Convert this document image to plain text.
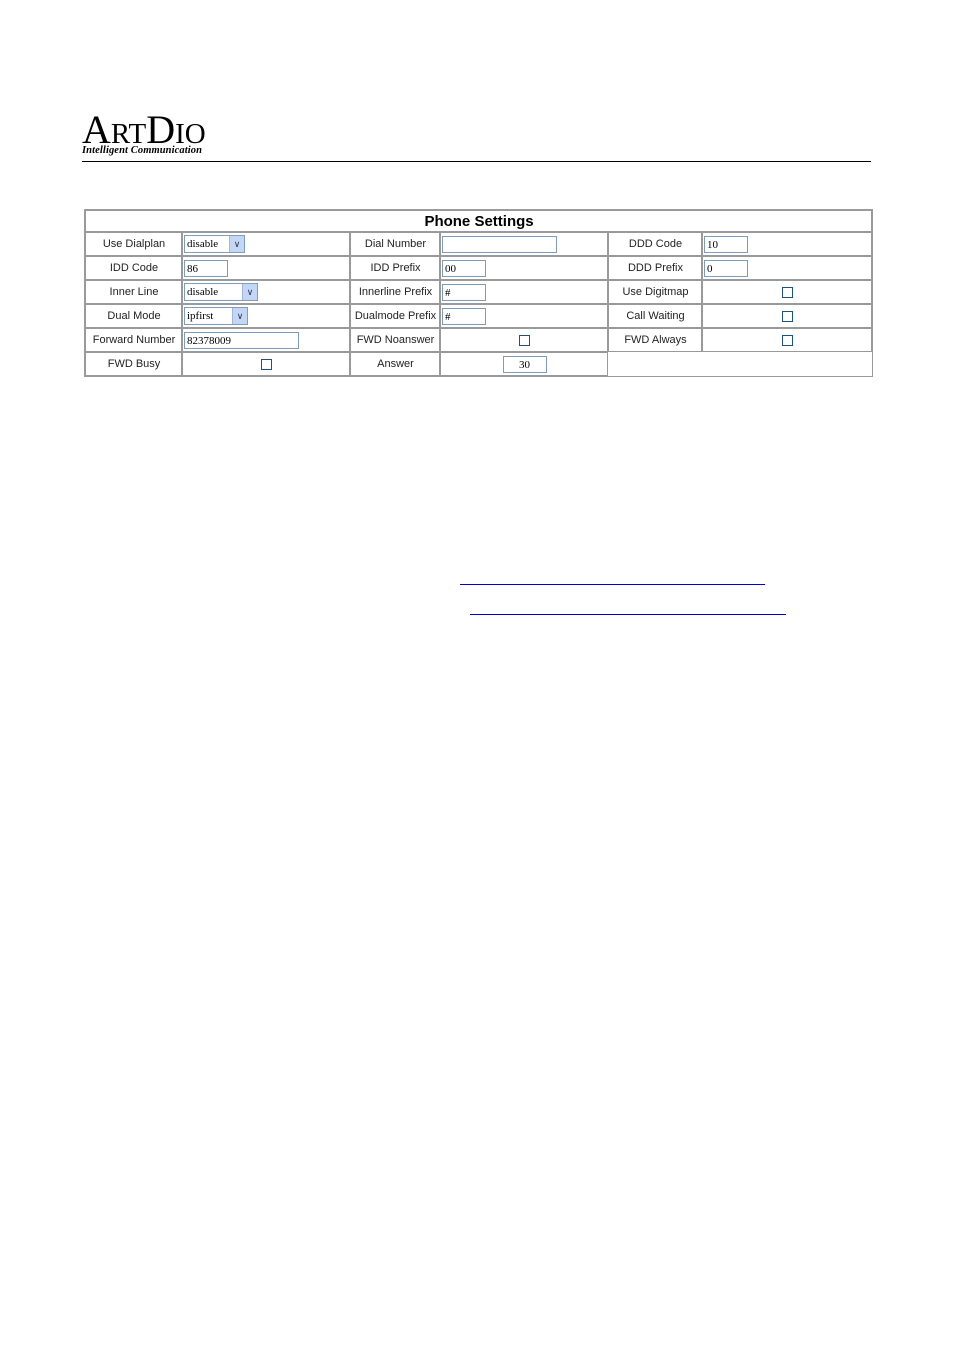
ARTDIO
Intelligent Communication
Phone Settings					
Use Dialplan	disable ∨	Dial Number		DDD Code	10
IDD Code	86	IDD Prefix	00	DDD Prefix	0
Inner Line	disable ∨	Innerline Prefix	#	Use Digitmap	
Dual Mode	ipfirst ∨	Dualmode Prefix	#	Call Waiting	
Forward Number	82378009	FWD Noanswer		FWD Always	
FWD Busy		Answer	30		
